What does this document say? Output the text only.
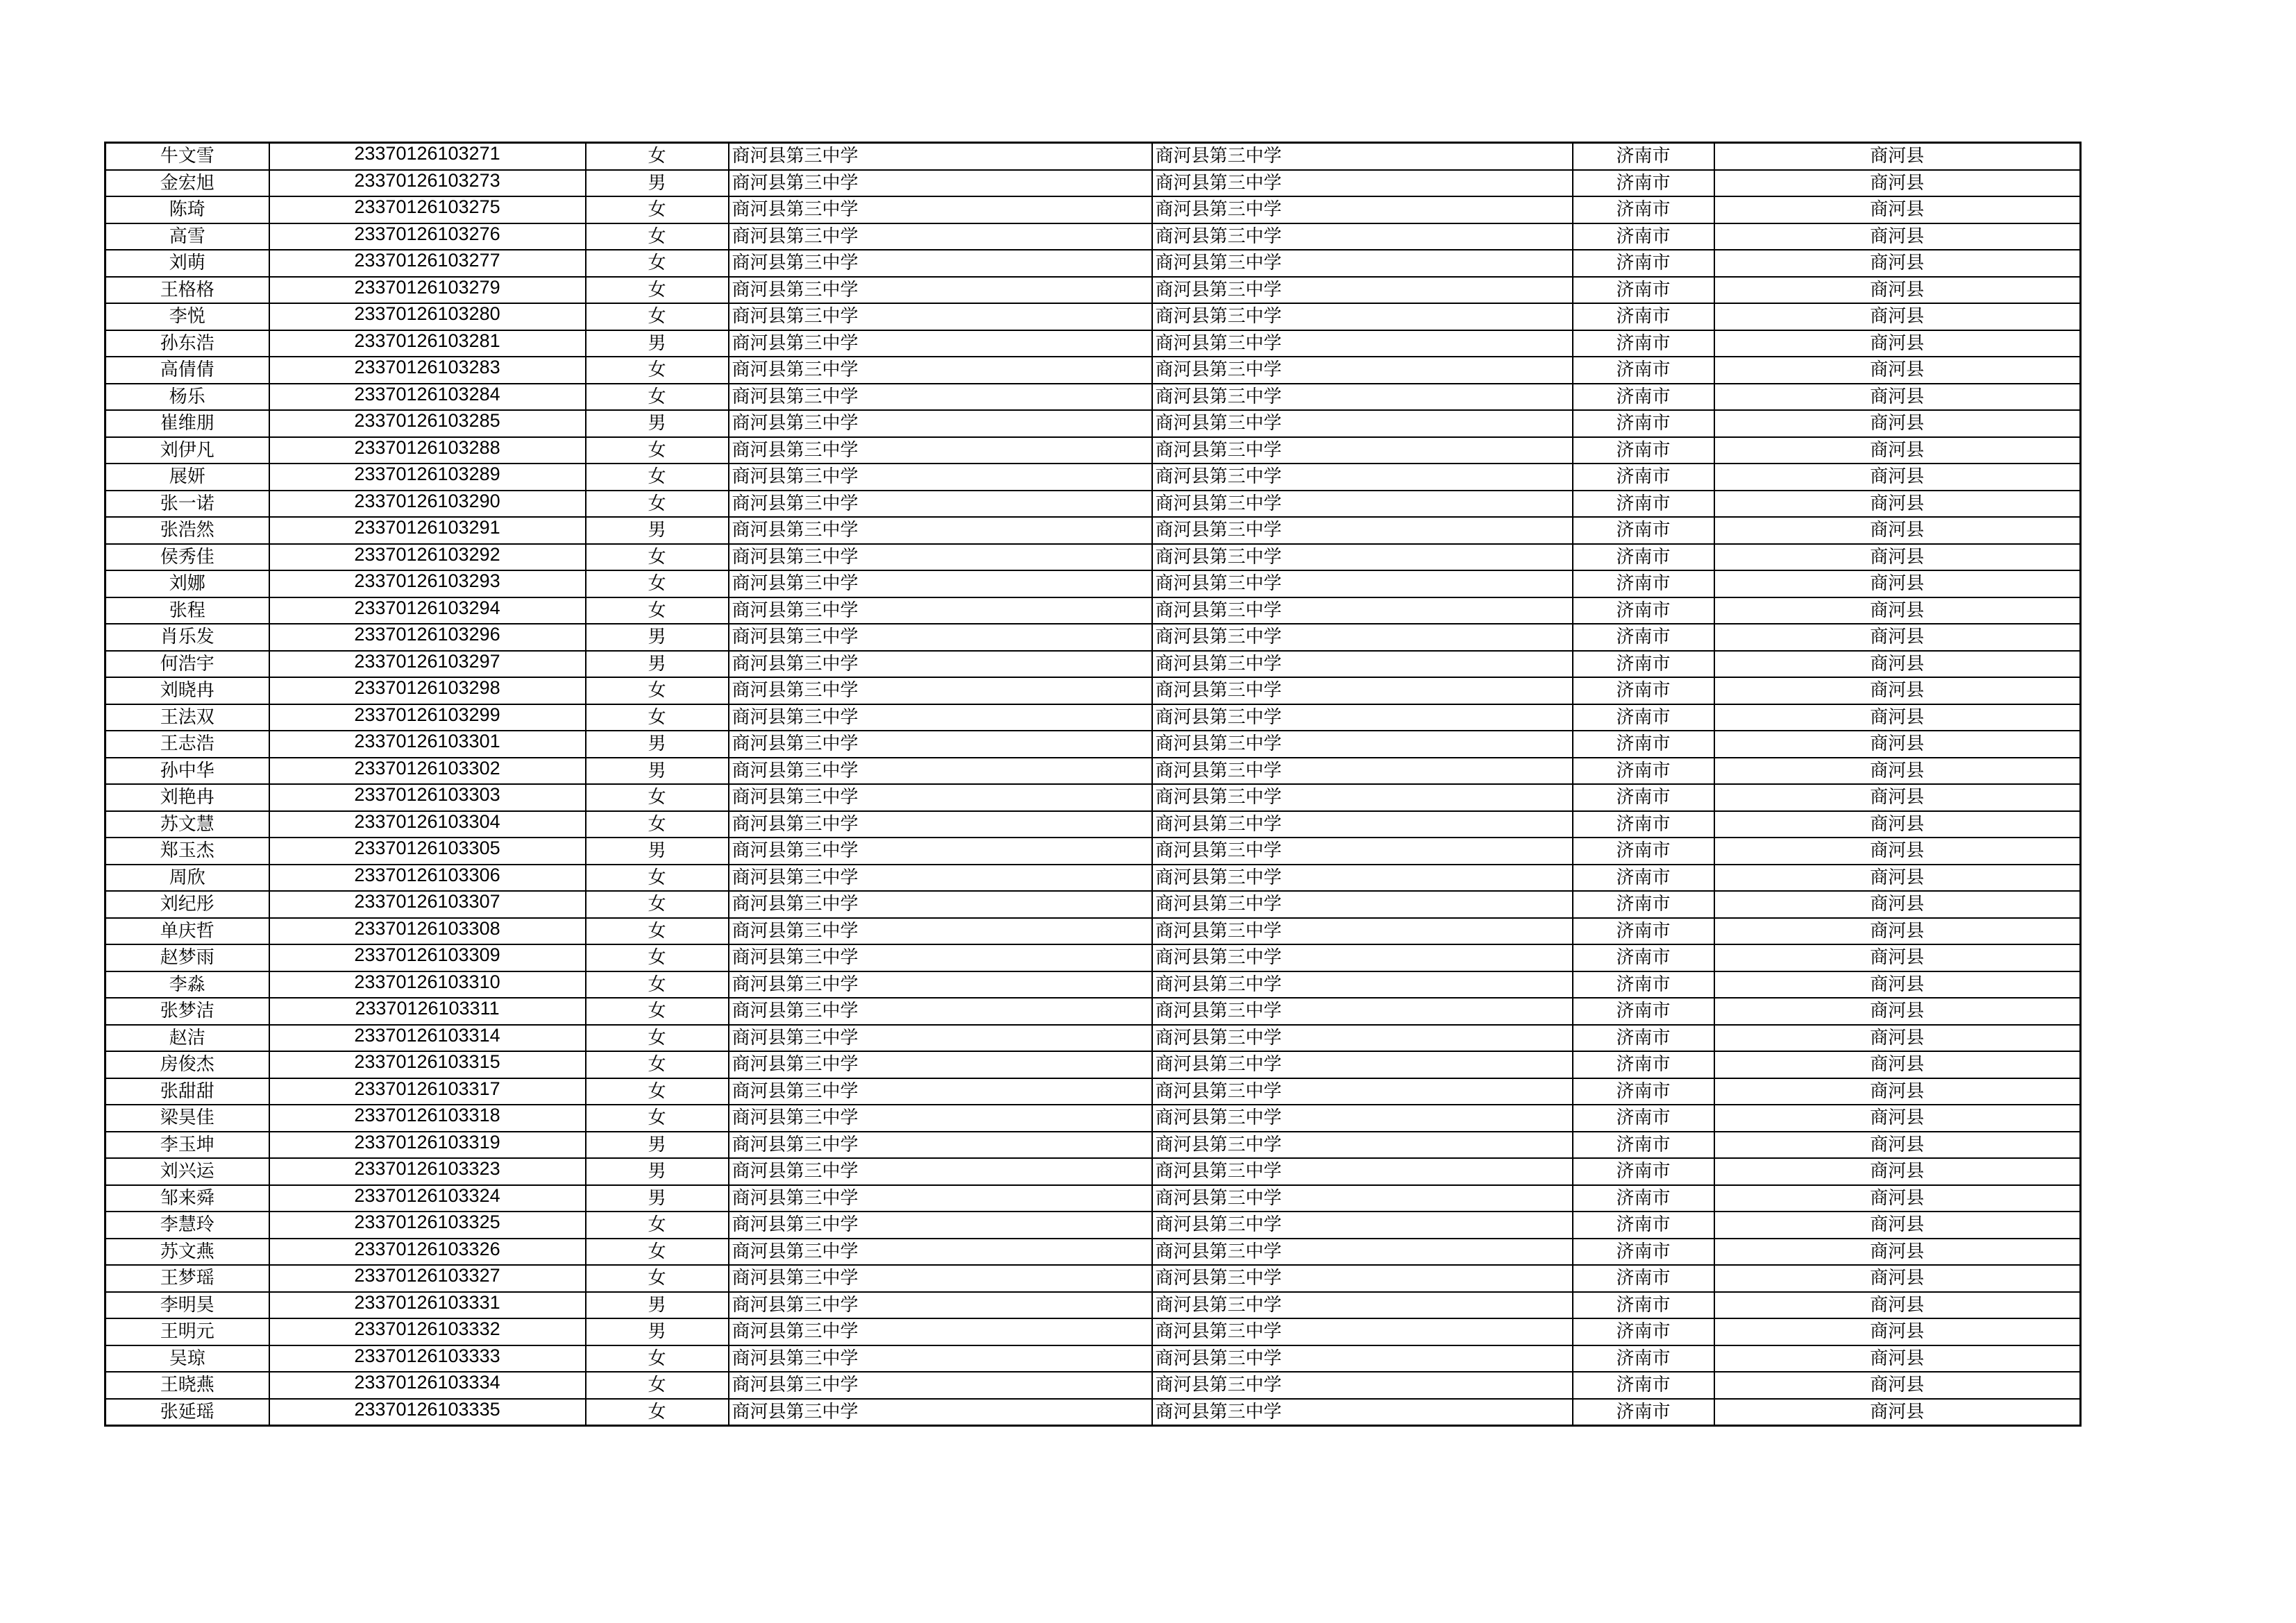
牛文雪	23370126103271	女	商河县第三中学	商河县第三中学	济南市	商河县
金宏旭	23370126103273	男	商河县第三中学	商河县第三中学	济南市	商河县
陈琦	23370126103275	女	商河县第三中学	商河县第三中学	济南市	商河县
高雪	23370126103276	女	商河县第三中学	商河县第三中学	济南市	商河县
刘萌	23370126103277	女	商河县第三中学	商河县第三中学	济南市	商河县
王格格	23370126103279	女	商河县第三中学	商河县第三中学	济南市	商河县
李悦	23370126103280	女	商河县第三中学	商河县第三中学	济南市	商河县
孙东浩	23370126103281	男	商河县第三中学	商河县第三中学	济南市	商河县
高倩倩	23370126103283	女	商河县第三中学	商河县第三中学	济南市	商河县
杨乐	23370126103284	女	商河县第三中学	商河县第三中学	济南市	商河县
崔维朋	23370126103285	男	商河县第三中学	商河县第三中学	济南市	商河县
刘伊凡	23370126103288	女	商河县第三中学	商河县第三中学	济南市	商河县
展妍	23370126103289	女	商河县第三中学	商河县第三中学	济南市	商河县
张一诺	23370126103290	女	商河县第三中学	商河县第三中学	济南市	商河县
张浩然	23370126103291	男	商河县第三中学	商河县第三中学	济南市	商河县
侯秀佳	23370126103292	女	商河县第三中学	商河县第三中学	济南市	商河县
刘娜	23370126103293	女	商河县第三中学	商河县第三中学	济南市	商河县
张程	23370126103294	女	商河县第三中学	商河县第三中学	济南市	商河县
肖乐发	23370126103296	男	商河县第三中学	商河县第三中学	济南市	商河县
何浩宇	23370126103297	男	商河县第三中学	商河县第三中学	济南市	商河县
刘晓冉	23370126103298	女	商河县第三中学	商河县第三中学	济南市	商河县
王法双	23370126103299	女	商河县第三中学	商河县第三中学	济南市	商河县
王志浩	23370126103301	男	商河县第三中学	商河县第三中学	济南市	商河县
孙中华	23370126103302	男	商河县第三中学	商河县第三中学	济南市	商河县
刘艳冉	23370126103303	女	商河县第三中学	商河县第三中学	济南市	商河县
苏文慧	23370126103304	女	商河县第三中学	商河县第三中学	济南市	商河县
郑玉杰	23370126103305	男	商河县第三中学	商河县第三中学	济南市	商河县
周欣	23370126103306	女	商河县第三中学	商河县第三中学	济南市	商河县
刘纪彤	23370126103307	女	商河县第三中学	商河县第三中学	济南市	商河县
单庆哲	23370126103308	女	商河县第三中学	商河县第三中学	济南市	商河县
赵梦雨	23370126103309	女	商河县第三中学	商河县第三中学	济南市	商河县
李淼	23370126103310	女	商河县第三中学	商河县第三中学	济南市	商河县
张梦洁	23370126103311	女	商河县第三中学	商河县第三中学	济南市	商河县
赵洁	23370126103314	女	商河县第三中学	商河县第三中学	济南市	商河县
房俊杰	23370126103315	女	商河县第三中学	商河县第三中学	济南市	商河县
张甜甜	23370126103317	女	商河县第三中学	商河县第三中学	济南市	商河县
梁昊佳	23370126103318	女	商河县第三中学	商河县第三中学	济南市	商河县
李玉坤	23370126103319	男	商河县第三中学	商河县第三中学	济南市	商河县
刘兴运	23370126103323	男	商河县第三中学	商河县第三中学	济南市	商河县
邹来舜	23370126103324	男	商河县第三中学	商河县第三中学	济南市	商河县
李慧玲	23370126103325	女	商河县第三中学	商河县第三中学	济南市	商河县
苏文燕	23370126103326	女	商河县第三中学	商河县第三中学	济南市	商河县
王梦瑶	23370126103327	女	商河县第三中学	商河县第三中学	济南市	商河县
李明昊	23370126103331	男	商河县第三中学	商河县第三中学	济南市	商河县
王明元	23370126103332	男	商河县第三中学	商河县第三中学	济南市	商河县
吴琼	23370126103333	女	商河县第三中学	商河县第三中学	济南市	商河县
王晓燕	23370126103334	女	商河县第三中学	商河县第三中学	济南市	商河县
张延瑶	23370126103335	女	商河县第三中学	商河县第三中学	济南市	商河县
